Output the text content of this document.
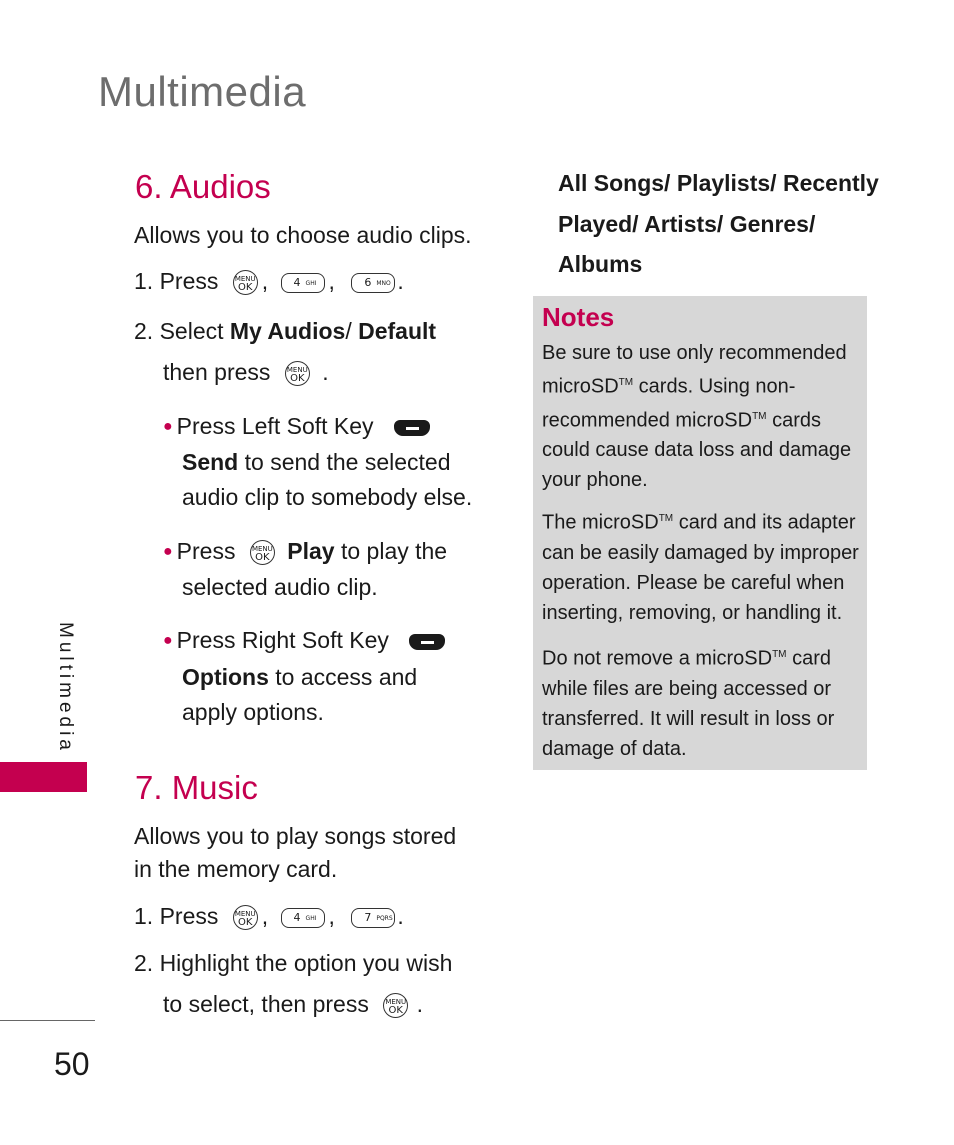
Multimedia
6. Audios
Allows you to choose audio clips.
1. Press MENU
OK , 4 $^{GHI}$ ,	6 $^{MNO}$ .
2. Select My Audios/ Default
then press MENU
OK .
● Press Left Soft Key
Send to send the selected
audio clip to somebody else.
● Press MENU
OK Play to play the
selected audio clip.
● Press Right Soft Key
Options to access and
apply options.
7. Music
Allows you to play songs stored
in the memory card.
1. Press MENU
OK , 4 $^{GHI}$ ,	7 $^{PQRS}$ .
2. Highlight the option you wish
to select, then press MENU
OK .
All Songs/ Playlists/ Recently
Played/ Artists/ Genres/
Albums
Notes
Be sure to use only recommended
microSD™ cards. Using non-
recommended microSD™ cards
could cause data loss and damage
your phone.
The microSD™ card and its adapter
can be easily damaged by improper
operation. Please be careful when
inserting, removing, or handling it.
Do not remove a microSD™ card
while files are being accessed or
transferred. It will result in loss or
damage of data.
Multimedia
50
